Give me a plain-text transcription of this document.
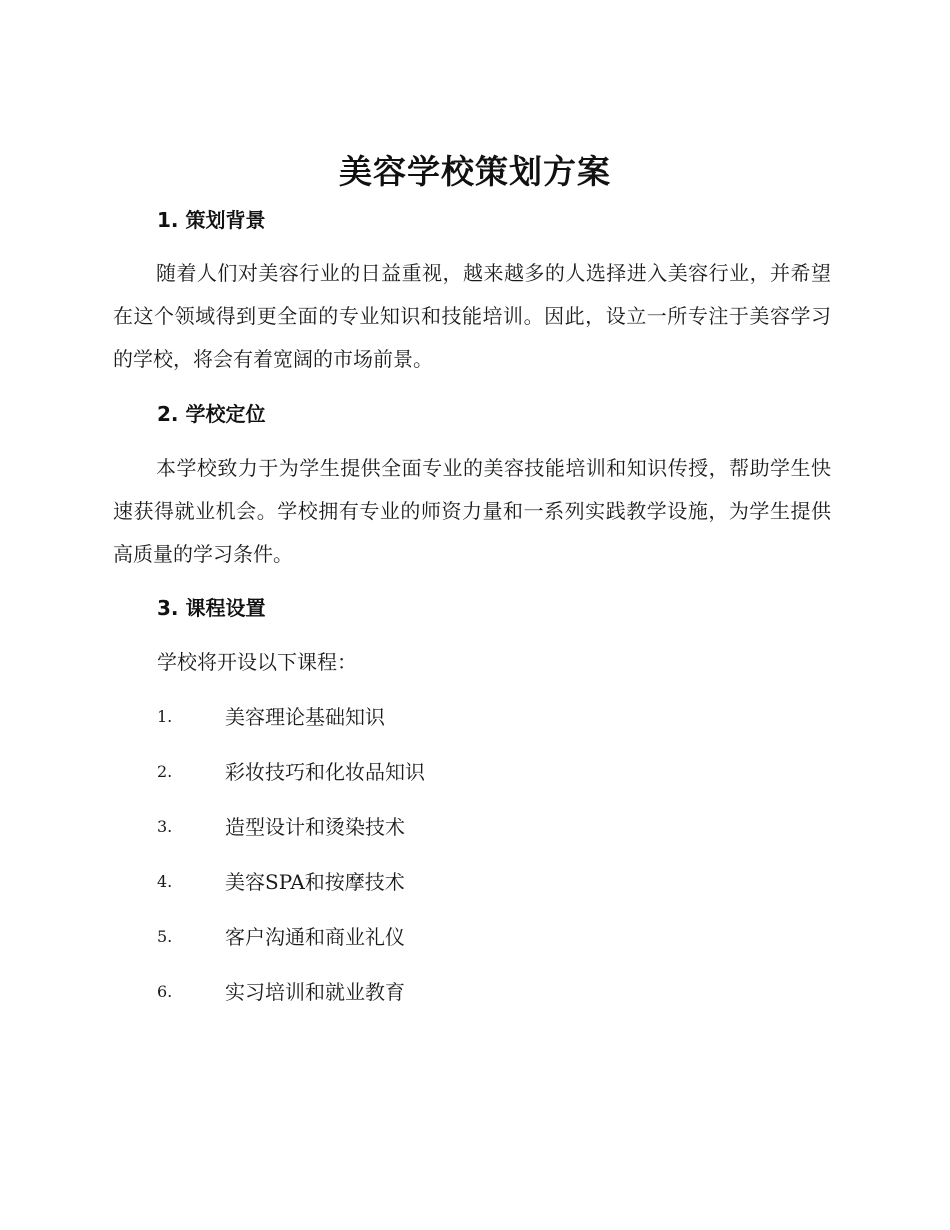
美容学校策划方案
1. 策划背景
随着人们对美容行业的日益重视，越来越多的人选择进入美容行业，并希望在这个领域得到更全面的专业知识和技能培训。因此，设立一所专注于美容学习的学校，将会有着宽阔的市场前景。
2. 学校定位
本学校致力于为学生提供全面专业的美容技能培训和知识传授，帮助学生快速获得就业机会。学校拥有专业的师资力量和一系列实践教学设施，为学生提供高质量的学习条件。
3. 课程设置
学校将开设以下课程：
1.	美容理论基础知识
2.	彩妆技巧和化妆品知识
3.	造型设计和烫染技术
4.	美容SPA和按摩技术
5.	客户沟通和商业礼仪
6.	实习培训和就业教育
